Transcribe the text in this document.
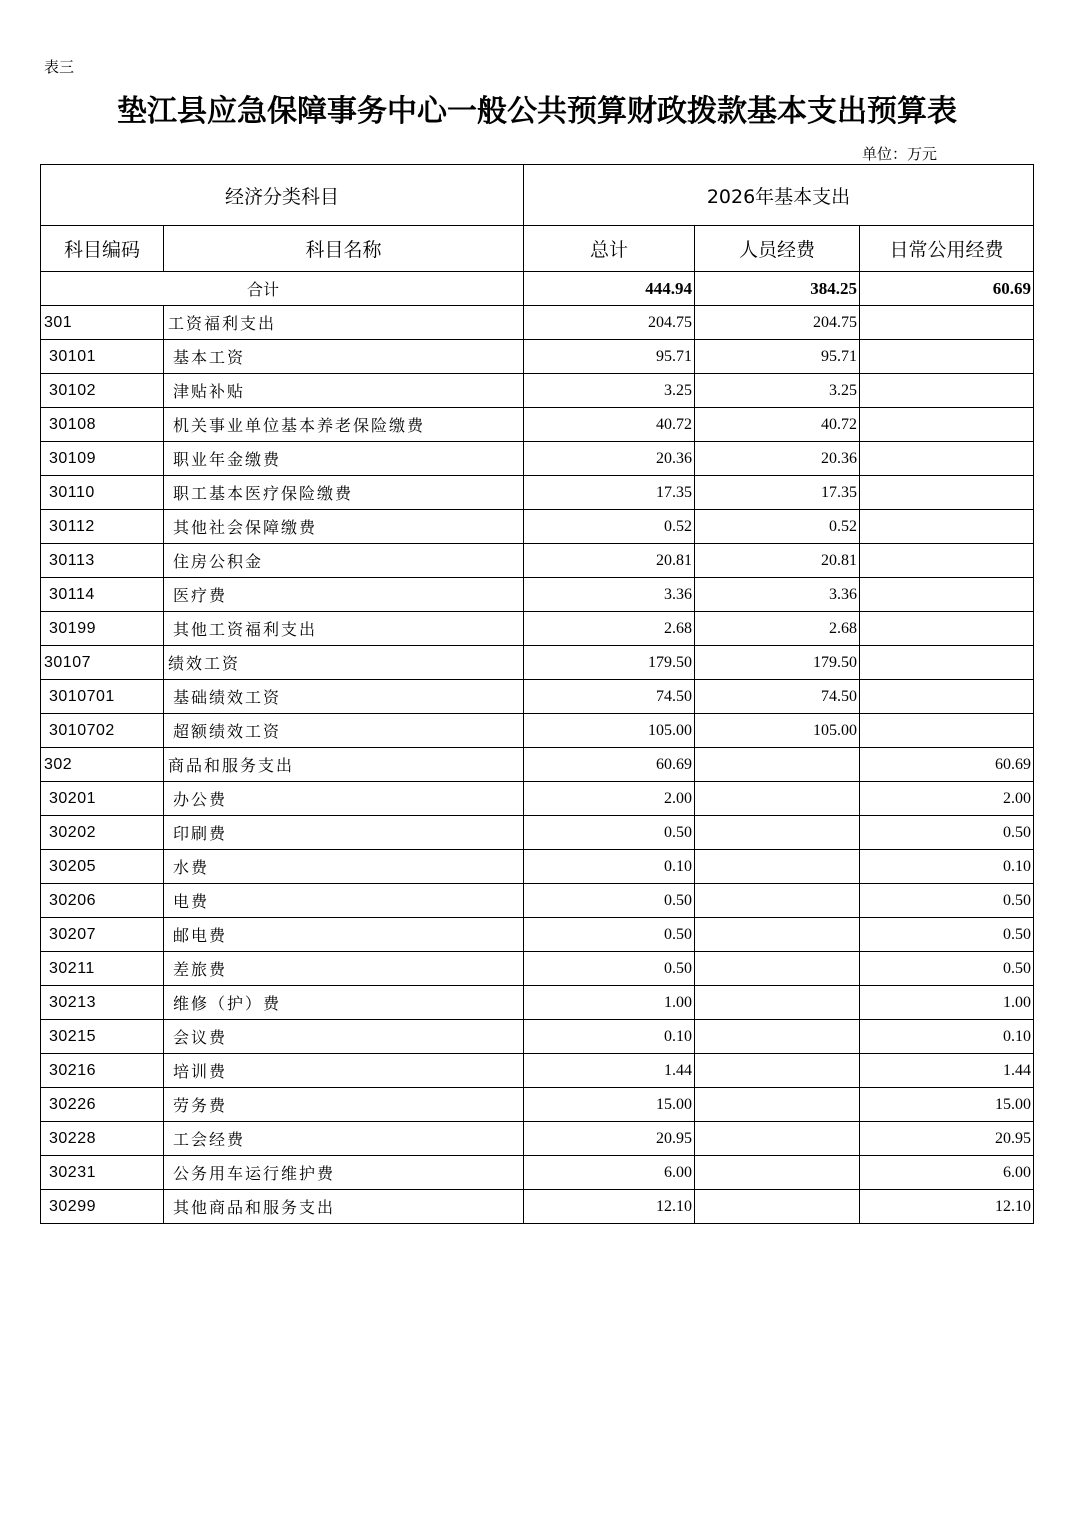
表三
垫江县应急保障事务中心一般公共预算财政拨款基本支出预算表
单位：万元
经济分类科目		2026年基本支出		
科目编码	科目名称	总计	人员经费	日常公用经费
合计		444.94	384.25	60.69
301	工资福利支出	204.75	204.75	
30101	基本工资	95.71	95.71	
30102	津贴补贴	3.25	3.25	
30108	机关事业单位基本养老保险缴费	40.72	40.72	
30109	职业年金缴费	20.36	20.36	
30110	职工基本医疗保险缴费	17.35	17.35	
30112	其他社会保障缴费	0.52	0.52	
30113	住房公积金	20.81	20.81	
30114	医疗费	3.36	3.36	
30199	其他工资福利支出	2.68	2.68	
30107	绩效工资	179.50	179.50	
3010701	基础绩效工资	74.50	74.50	
3010702	超额绩效工资	105.00	105.00	
302	商品和服务支出	60.69		60.69
30201	办公费	2.00		2.00
30202	印刷费	0.50		0.50
30205	水费	0.10		0.10
30206	电费	0.50		0.50
30207	邮电费	0.50		0.50
30211	差旅费	0.50		0.50
30213	维修（护）费	1.00		1.00
30215	会议费	0.10		0.10
30216	培训费	1.44		1.44
30226	劳务费	15.00		15.00
30228	工会经费	20.95		20.95
30231	公务用车运行维护费	6.00		6.00
30299	其他商品和服务支出	12.10		12.10
